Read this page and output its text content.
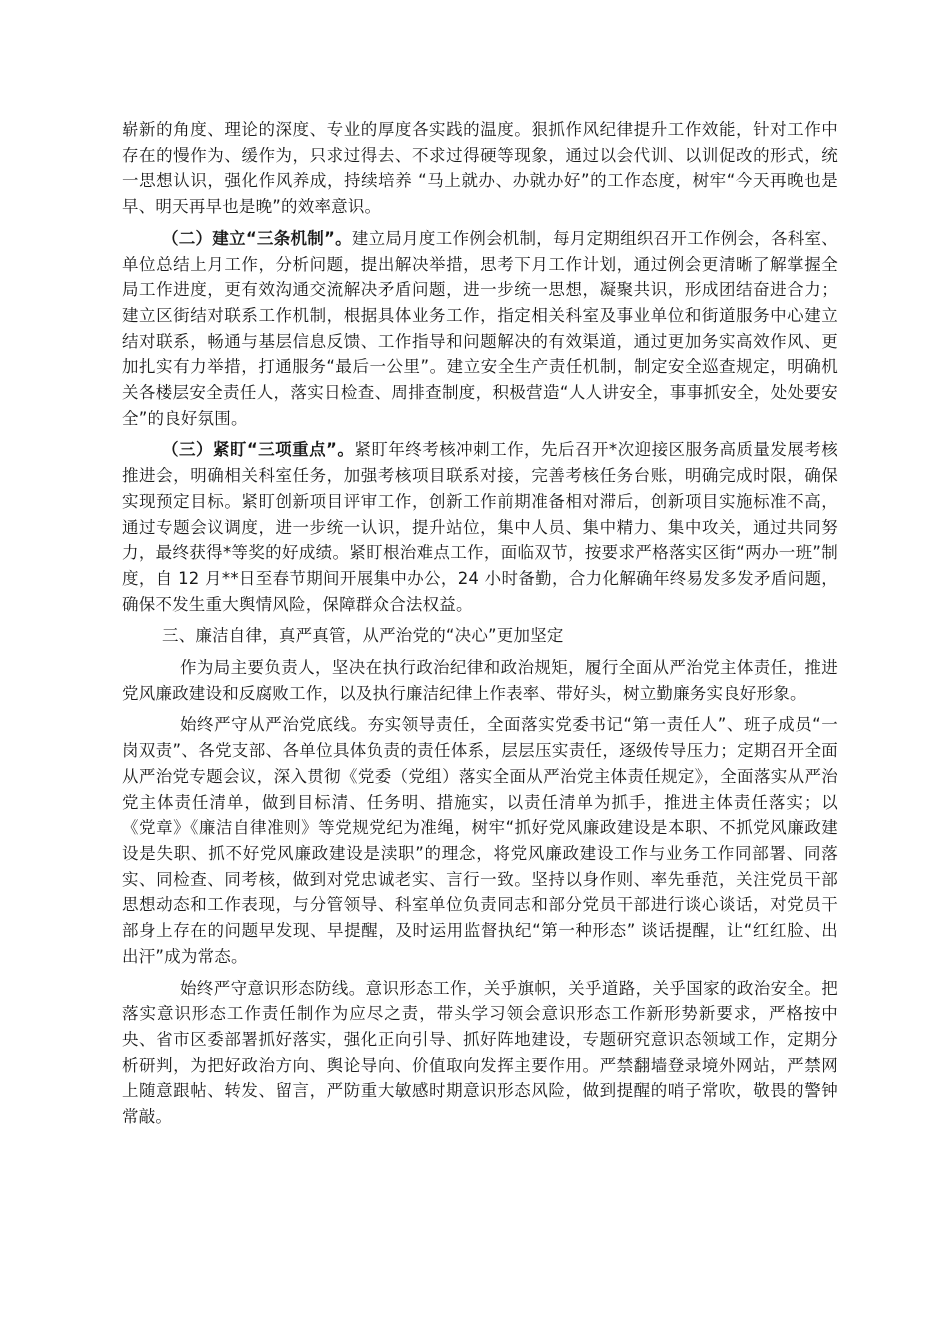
崭新的角度、理论的深度、专业的厚度各实践的温度。狠抓作风纪律提升工作效能，针对工作中存在的慢作为、缓作为，只求过得去、不求过得硬等现象，通过以会代训、以训促改的形式，统一思想认识，强化作风养成，持续培养 “马上就办、办就办好”的工作态度，树牢“今天再晚也是早、明天再早也是晚”的效率意识。

（二）建立“三条机制”。建立局月度工作例会机制，每月定期组织召开工作例会，各科室、单位总结上月工作，分析问题，提出解决举措，思考下月工作计划，通过例会更清晰了解掌握全局工作进度，更有效沟通交流解决矛盾问题，进一步统一思想，凝聚共识，形成团结奋进合力；建立区街结对联系工作机制，根据具体业务工作，指定相关科室及事业单位和街道服务中心建立结对联系，畅通与基层信息反馈、工作指导和问题解决的有效渠道，通过更加务实高效作风、更加扎实有力举措，打通服务“最后一公里”。建立安全生产责任机制，制定安全巡查规定，明确机关各楼层安全责任人，落实日检查、周排查制度，积极营造“人人讲安全，事事抓安全，处处要安全”的良好氛围。

（三）紧盯“三项重点”。紧盯年终考核冲刺工作，先后召开*次迎接区服务高质量发展考核推进会，明确相关科室任务，加强考核项目联系对接，完善考核任务台账，明确完成时限，确保实现预定目标。紧盯创新项目评审工作，创新工作前期准备相对滞后，创新项目实施标准不高，通过专题会议调度，进一步统一认识，提升站位，集中人员、集中精力、集中攻关，通过共同努力，最终获得*等奖的好成绩。紧盯根治难点工作，面临双节，按要求严格落实区街“两办一班”制度，自 12 月**日至春节期间开展集中办公，24 小时备勤，合力化解确年终易发多发矛盾问题，确保不发生重大舆情风险，保障群众合法权益。

三、廉洁自律，真严真管，从严治党的“决心”更加坚定

作为局主要负责人，坚决在执行政治纪律和政治规矩，履行全面从严治党主体责任，推进党风廉政建设和反腐败工作，以及执行廉洁纪律上作表率、带好头，树立勤廉务实良好形象。

始终严守从严治党底线。夯实领导责任，全面落实党委书记“第一责任人”、班子成员“一岗双责”、各党支部、各单位具体负责的责任体系，层层压实责任，逐级传导压力；定期召开全面从严治党专题会议，深入贯彻《党委（党组）落实全面从严治党主体责任规定》，全面落实从严治党主体责任清单，做到目标清、任务明、措施实，以责任清单为抓手，推进主体责任落实；以《党章》《廉洁自律准则》等党规党纪为准绳，树牢“抓好党风廉政建设是本职、不抓党风廉政建设是失职、抓不好党风廉政建设是渎职”的理念，将党风廉政建设工作与业务工作同部署、同落实、同检查、同考核，做到对党忠诚老实、言行一致。坚持以身作则、率先垂范，关注党员干部思想动态和工作表现，与分管领导、科室单位负责同志和部分党员干部进行谈心谈话，对党员干部身上存在的问题早发现、早提醒，及时运用监督执纪“第一种形态” 谈话提醒，让“红红脸、出出汗”成为常态。

始终严守意识形态防线。意识形态工作，关乎旗帜，关乎道路，关乎国家的政治安全。把落实意识形态工作责任制作为应尽之责，带头学习领会意识形态工作新形势新要求，严格按中央、省市区委部署抓好落实，强化正向引导、抓好阵地建设，专题研究意识态领域工作，定期分析研判，为把好政治方向、舆论导向、价值取向发挥主要作用。严禁翻墙登录境外网站，严禁网上随意跟帖、转发、留言，严防重大敏感时期意识形态风险，做到提醒的哨子常吹，敬畏的警钟常敲。
